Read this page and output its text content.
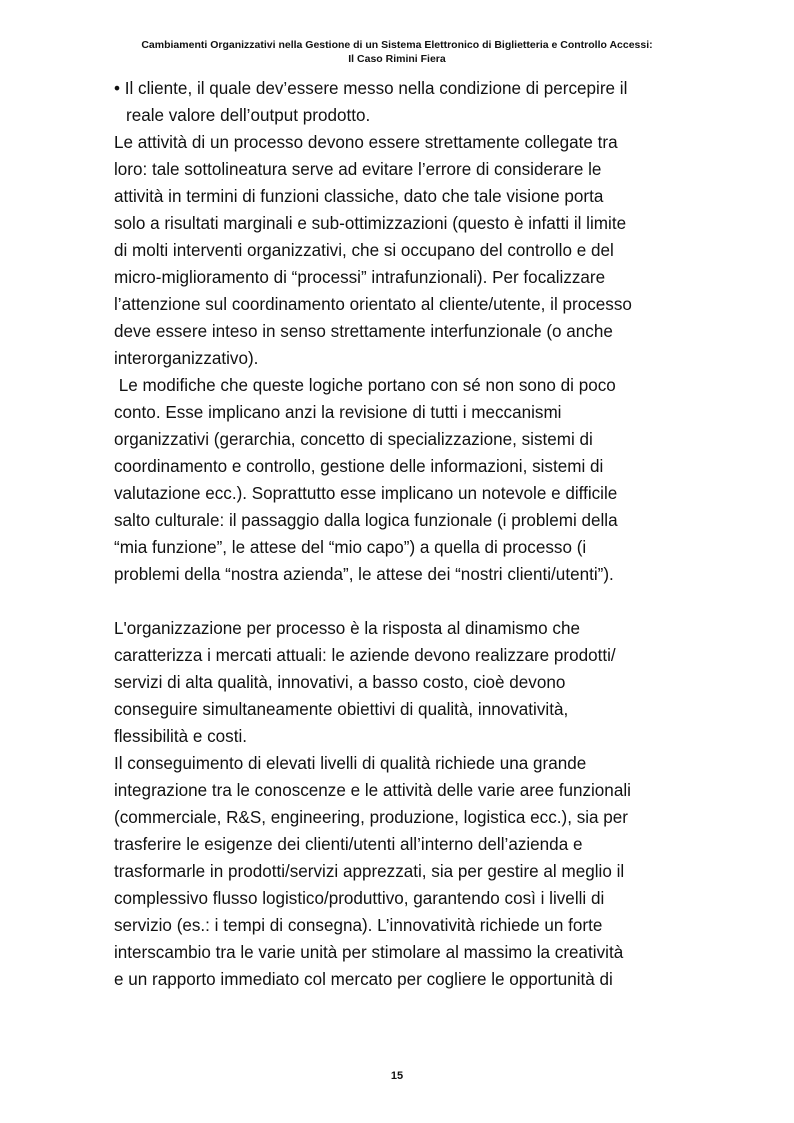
Cambiamenti Organizzativi nella Gestione di un Sistema Elettronico di Biglietteria e Controllo Accessi:
Il Caso Rimini Fiera
• Il cliente, il quale dev’essere messo nella condizione di percepire il
reale valore dell’output prodotto.
Le attività di un processo devono essere strettamente collegate tra
loro: tale sottolineatura serve ad evitare l’errore di considerare le
attività in termini di funzioni classiche, dato che tale visione porta
solo a risultati marginali e sub-ottimizzazioni (questo è infatti il limite
di molti interventi organizzativi, che si occupano del controllo e del
micro-miglioramento di “processi” intrafunzionali). Per focalizzare
l’attenzione sul coordinamento orientato al cliente/utente, il processo
deve essere inteso in senso strettamente interfunzionale (o anche
interorganizzativo).
Le modifiche che queste logiche portano con sé non sono di poco
conto. Esse implicano anzi la revisione di tutti i meccanismi
organizzativi (gerarchia, concetto di specializzazione, sistemi di
coordinamento e controllo, gestione delle informazioni, sistemi di
valutazione ecc.). Soprattutto esse implicano un notevole e difficile
salto culturale: il passaggio dalla logica funzionale (i problemi della
“mia funzione”, le attese del “mio capo”) a quella di processo (i
problemi della “nostra azienda”, le attese dei “nostri clienti/utenti”).
L'organizzazione per processo è la risposta al dinamismo che
caratterizza i mercati attuali: le aziende devono realizzare prodotti/
servizi di alta qualità, innovativi, a basso costo, cioè devono
conseguire simultaneamente obiettivi di qualità, innovatività,
flessibilità e costi.
Il conseguimento di elevati livelli di qualità richiede una grande
integrazione tra le conoscenze e le attività delle varie aree funzionali
(commerciale, R&S, engineering, produzione, logistica ecc.), sia per
trasferire le esigenze dei clienti/utenti all’interno dell’azienda e
trasformarle in prodotti/servizi apprezzati, sia per gestire al meglio il
complessivo flusso logistico/produttivo, garantendo così i livelli di
servizio (es.: i tempi di consegna). L’innovatività richiede un forte
interscambio tra le varie unità per stimolare al massimo la creatività
e un rapporto immediato col mercato per cogliere le opportunità di
15
